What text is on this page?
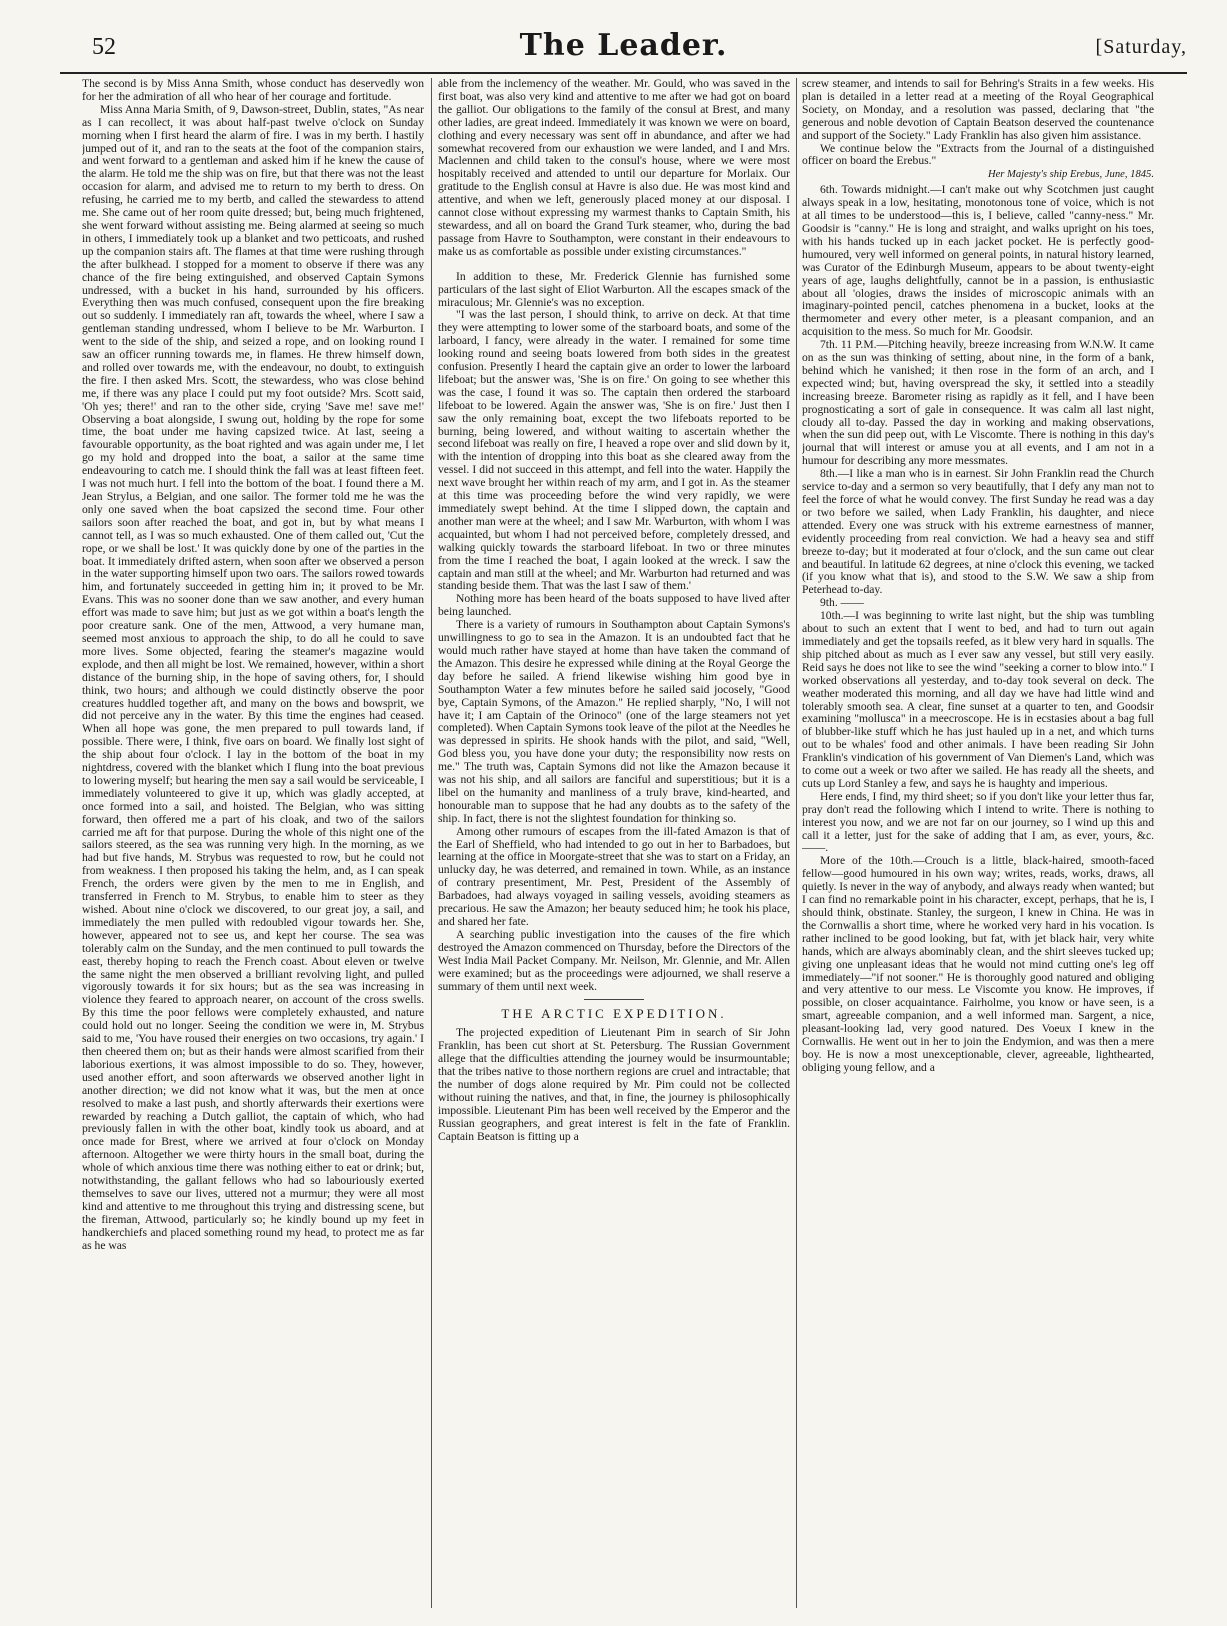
52	The Leader.	[Saturday,

The second is by Miss Anna Smith, whose conduct has deservedly won for her the admiration of all who hear of her courage and fortitude.

Miss Anna Maria Smith, of 9, Dawson-street, Dublin, states, "As near as I can recollect, it was about half-past twelve o'clock on Sunday morning when I first heard the alarm of fire. I was in my berth. I hastily jumped out of it, and ran to the seats at the foot of the companion stairs, and went forward to a gentleman and asked him if he knew the cause of the alarm. He told me the ship was on fire, but that there was not the least occasion for alarm, and advised me to return to my berth to dress. On refusing, he carried me to my bertb, and called the stewardess to attend me. She came out of her room quite dressed; but, being much frightened, she went forward without assisting me. Being alarmed at seeing so much in others, I immediately took up a blanket and two petticoats, and rushed up the companion stairs aft. The flames at that time were rushing through the after bulkhead. I stopped for a moment to observe if there was any chance of the fire being extinguished, and observed Captain Symons undressed, with a bucket in his hand, surrounded by his officers. Everything then was much confused, consequent upon the fire breaking out so suddenly. I immediately ran aft, towards the wheel, where I saw a gentleman standing undressed, whom I believe to be Mr. Warburton. I went to the side of the ship, and seized a rope, and on looking round I saw an officer running towards me, in flames. He threw himself down, and rolled over towards me, with the endeavour, no doubt, to extinguish the fire. I then asked Mrs. Scott, the stewardess, who was close behind me, if there was any place I could put my foot outside? Mrs. Scott said, 'Oh yes; there!' and ran to the other side, crying 'Save me! save me!' Observing a boat alongside, I swung out, holding by the rope for some time, the boat under me having capsized twice. At last, seeing a favourable opportunity, as the boat righted and was again under me, I let go my hold and dropped into the boat, a sailor at the same time endeavouring to catch me. I should think the fall was at least fifteen feet. I was not much hurt. I fell into the bottom of the boat. I found there a M. Jean Strylus, a Belgian, and one sailor. The former told me he was the only one saved when the boat capsized the second time. Four other sailors soon after reached the boat, and got in, but by what means I cannot tell, as I was so much exhausted. One of them called out, 'Cut the rope, or we shall be lost.' It was quickly done by one of the parties in the boat. It immediately drifted astern, when soon after we observed a person in the water supporting himself upon two oars. The sailors rowed towards him, and fortunately succeeded in getting him in; it proved to be Mr. Evans. This was no sooner done than we saw another, and every human effort was made to save him; but just as we got within a boat's length the poor creature sank. One of the men, Attwood, a very humane man, seemed most anxious to approach the ship, to do all he could to save more lives. Some objected, fearing the steamer's magazine would explode, and then all might be lost. We remained, however, within a short distance of the burning ship, in the hope of saving others, for, I should think, two hours; and although we could distinctly observe the poor creatures huddled together aft, and many on the bows and bowsprit, we did not perceive any in the water. By this time the engines had ceased. When all hope was gone, the men prepared to pull towards land, if possible. There were, I think, five oars on board. We finally lost sight of the ship about four o'clock. I lay in the bottom of the boat in my nightdress, covered with the blanket which I flung into the boat previous to lowering myself; but hearing the men say a sail would be serviceable, I immediately volunteered to give it up, which was gladly accepted, at once formed into a sail, and hoisted. The Belgian, who was sitting forward, then offered me a part of his cloak, and two of the sailors carried me aft for that purpose. During the whole of this night one of the sailors steered, as the sea was running very high. In the morning, as we had but five hands, M. Strybus was requested to row, but he could not from weakness. I then proposed his taking the helm, and, as I can speak French, the orders were given by the men to me in English, and transferred in French to M. Strybus, to enable him to steer as they wished. About nine o'clock we discovered, to our great joy, a sail, and immediately the men pulled with redoubled vigour towards her. She, however, appeared not to see us, and kept her course. The sea was tolerably calm on the Sunday, and the men continued to pull towards the east, thereby hoping to reach the French coast. About eleven or twelve the same night the men observed a brilliant revolving light, and pulled vigorously towards it for six hours; but as the sea was increasing in violence they feared to approach nearer, on account of the cross swells. By this time the poor fellows were completely exhausted, and nature could hold out no longer. Seeing the condition we were in, M. Strybus said to me, 'You have roused their energies on two occasions, try again.' I then cheered them on; but as their hands were almost scarified from their laborious exertions, it was almost impossible to do so. They, however, used another effort, and soon afterwards we observed another light in another direction; we did not know what it was, but the men at once resolved to make a last push, and shortly afterwards their exertions were rewarded by reaching a Dutch galliot, the captain of which, who had previously fallen in with the other boat, kindly took us aboard, and at once made for Brest, where we arrived at four o'clock on Monday afternoon. Altogether we were thirty hours in the small boat, during the whole of which anxious time there was nothing either to eat or drink; but, notwithstanding, the gallant fellows who had so labouriously exerted themselves to save our lives, uttered not a murmur; they were all most kind and attentive to me throughout this trying and distressing scene, but the fireman, Attwood, particularly so; he kindly bound up my feet in handkerchiefs and placed something round my head, to protect me as far as he was

able from the inclemency of the weather. Mr. Gould, who was saved in the first boat, was also very kind and attentive to me after we had got on board the galliot. Our obligations to the family of the consul at Brest, and many other ladies, are great indeed. Immediately it was known we were on board, clothing and every necessary was sent off in abundance, and after we had somewhat recovered from our exhaustion we were landed, and I and Mrs. Maclennen and child taken to the consul's house, where we were most hospitably received and attended to until our departure for Morlaix. Our gratitude to the English consul at Havre is also due. He was most kind and attentive, and when we left, generously placed money at our disposal. I cannot close without expressing my warmest thanks to Captain Smith, his stewardess, and all on board the Grand Turk steamer, who, during the bad passage from Havre to Southampton, were constant in their endeavours to make us as comfortable as possible under existing circumstances."

In addition to these, Mr. Frederick Glennie has furnished some particulars of the last sight of Eliot Warburton. All the escapes smack of the miraculous; Mr. Glennie's was no exception.

"I was the last person, I should think, to arrive on deck. At that time they were attempting to lower some of the starboard boats, and some of the larboard, I fancy, were already in the water. I remained for some time looking round and seeing boats lowered from both sides in the greatest confusion. Presently I heard the captain give an order to lower the larboard lifeboat; but the answer was, 'She is on fire.' On going to see whether this was the case, I found it was so. The captain then ordered the starboard lifeboat to be lowered. Again the answer was, 'She is on fire.' Just then I saw the only remaining boat, except the two lifeboats reported to be burning, being lowered, and without waiting to ascertain whether the second lifeboat was really on fire, I heaved a rope over and slid down by it, with the intention of dropping into this boat as she cleared away from the vessel. I did not succeed in this attempt, and fell into the water. Happily the next wave brought her within reach of my arm, and I got in. As the steamer at this time was proceeding before the wind very rapidly, we were immediately swept behind. At the time I slipped down, the captain and another man were at the wheel; and I saw Mr. Warburton, with whom I was acquainted, but whom I had not perceived before, completely dressed, and walking quickly towards the starboard lifeboat. In two or three minutes from the time I reached the boat, I again looked at the wreck. I saw the captain and man still at the wheel; and Mr. Warburton had returned and was standing beside them. That was the last I saw of them.'

Nothing more has been heard of the boats supposed to have lived after being launched.

There is a variety of rumours in Southampton about Captain Symons's unwillingness to go to sea in the Amazon. It is an undoubted fact that he would much rather have stayed at home than have taken the command of the Amazon. This desire he expressed while dining at the Royal George the day before he sailed. A friend likewise wishing him good bye in Southampton Water a few minutes before he sailed said jocosely, "Good bye, Captain Symons, of the Amazon." He replied sharply, "No, I will not have it; I am Captain of the Orinoco" (one of the large steamers not yet completed). When Captain Symons took leave of the pilot at the Needles he was depressed in spirits. He shook hands with the pilot, and said, "Well, God bless you, you have done your duty; the responsibility now rests on me." The truth was, Captain Symons did not like the Amazon because it was not his ship, and all sailors are fanciful and superstitious; but it is a libel on the humanity and manliness of a truly brave, kind-hearted, and honourable man to suppose that he had any doubts as to the safety of the ship. In fact, there is not the slightest foundation for thinking so.

Among other rumours of escapes from the ill-fated Amazon is that of the Earl of Sheffield, who had intended to go out in her to Barbadoes, but learning at the office in Moorgate-street that she was to start on a Friday, an unlucky day, he was deterred, and remained in town. While, as an instance of contrary presentiment, Mr. Pest, President of the Assembly of Barbadoes, had always voyaged in sailing vessels, avoiding steamers as precarious. He saw the Amazon; her beauty seduced him; he took his place, and shared her fate.

A searching public investigation into the causes of the fire which destroyed the Amazon commenced on Thursday, before the Directors of the West India Mail Packet Company. Mr. Neilson, Mr. Glennie, and Mr. Allen were examined; but as the proceedings were adjourned, we shall reserve a summary of them until next week.

THE ARCTIC EXPEDITION.

The projected expedition of Lieutenant Pim in search of Sir John Franklin, has been cut short at St. Petersburg. The Russian Government allege that the difficulties attending the journey would be insurmountable; that the tribes native to those northern regions are cruel and intractable; that the number of dogs alone required by Mr. Pim could not be collected without ruining the natives, and that, in fine, the journey is philosophically impossible. Lieutenant Pim has been well received by the Emperor and the Russian geographers, and great interest is felt in the fate of Franklin. Captain Beatson is fitting up a

screw steamer, and intends to sail for Behring's Straits in a few weeks. His plan is detailed in a letter read at a meeting of the Royal Geographical Society, on Monday, and a resolution was passed, declaring that "the generous and noble devotion of Captain Beatson deserved the countenance and support of the Society." Lady Franklin has also given him assistance.

We continue below the "Extracts from the Journal of a distinguished officer on board the Erebus."

Her Majesty's ship Erebus, June, 1845.

6th. Towards midnight.—I can't make out why Scotchmen just caught always speak in a low, hesitating, monotonous tone of voice, which is not at all times to be understood—this is, I believe, called "canny-ness." Mr. Goodsir is "canny." He is long and straight, and walks upright on his toes, with his hands tucked up in each jacket pocket. He is perfectly good-humoured, very well informed on general points, in natural history learned, was Curator of the Edinburgh Museum, appears to be about twenty-eight years of age, laughs delightfully, cannot be in a passion, is enthusiastic about all 'ologies, draws the insides of microscopic animals with an imaginary-pointed pencil, catches phenomena in a bucket, looks at the thermometer and every other meter, is a pleasant companion, and an acquisition to the mess. So much for Mr. Goodsir.

7th. 11 P.M.—Pitching heavily, breeze increasing from W.N.W. It came on as the sun was thinking of setting, about nine, in the form of a bank, behind which he vanished; it then rose in the form of an arch, and I expected wind; but, having overspread the sky, it settled into a steadily increasing breeze. Barometer rising as rapidly as it fell, and I have been prognosticating a sort of gale in consequence. It was calm all last night, cloudy all to-day. Passed the day in working and making observations, when the sun did peep out, with Le Viscomte. There is nothing in this day's journal that will interest or amuse you at all events, and I am not in a humour for describing any more messmates.

8th.—I like a man who is in earnest. Sir John Franklin read the Church service to-day and a sermon so very beautifully, that I defy any man not to feel the force of what he would convey. The first Sunday he read was a day or two before we sailed, when Lady Franklin, his daughter, and niece attended. Every one was struck with his extreme earnestness of manner, evidently proceeding from real conviction. We had a heavy sea and stiff breeze to-day; but it moderated at four o'clock, and the sun came out clear and beautiful. In latitude 62 degrees, at nine o'clock this evening, we tacked (if you know what that is), and stood to the S.W. We saw a ship from Peterhead to-day.

9th. ——

10th.—I was beginning to write last night, but the ship was tumbling about to such an extent that I went to bed, and had to turn out again immediately and get the topsails reefed, as it blew very hard in squalls. The ship pitched about as much as I ever saw any vessel, but still very easily. Reid says he does not like to see the wind "seeking a corner to blow into." I worked observations all yesterday, and to-day took several on deck. The weather moderated this morning, and all day we have had little wind and tolerably smooth sea. A clear, fine sunset at a quarter to ten, and Goodsir examining "mollusca" in a meecroscope. He is in ecstasies about a bag full of blubber-like stuff which he has just hauled up in a net, and which turns out to be whales' food and other animals. I have been reading Sir John Franklin's vindication of his government of Van Diemen's Land, which was to come out a week or two after we sailed. He has ready all the sheets, and cuts up Lord Stanley a few, and says he is haughty and imperious.

Here ends, I find, my third sheet; so if you don't like your letter thus far, pray don't read the following which I intend to write. There is nothing to interest you now, and we are not far on our journey, so I wind up this and call it a letter, just for the sake of adding that I am, as ever, yours, &c. ——.

More of the 10th.—Crouch is a little, black-haired, smooth-faced fellow—good humoured in his own way; writes, reads, works, draws, all quietly. Is never in the way of anybody, and always ready when wanted; but I can find no remarkable point in his character, except, perhaps, that he is, I should think, obstinate. Stanley, the surgeon, I knew in China. He was in the Cornwallis a short time, where he worked very hard in his vocation. Is rather inclined to be good looking, but fat, with jet black hair, very white hands, which are always abominably clean, and the shirt sleeves tucked up; giving one unpleasant ideas that he would not mind cutting one's leg off immediately—"if not sooner." He is thoroughly good natured and obliging and very attentive to our mess. Le Viscomte you know. He improves, if possible, on closer acquaintance. Fairholme, you know or have seen, is a smart, agreeable companion, and a well informed man. Sargent, a nice, pleasant-looking lad, very good natured. Des Voeux I knew in the Cornwallis. He went out in her to join the Endymion, and was then a mere boy. He is now a most unexceptionable, clever, agreeable, lighthearted, obliging young fellow, and a
